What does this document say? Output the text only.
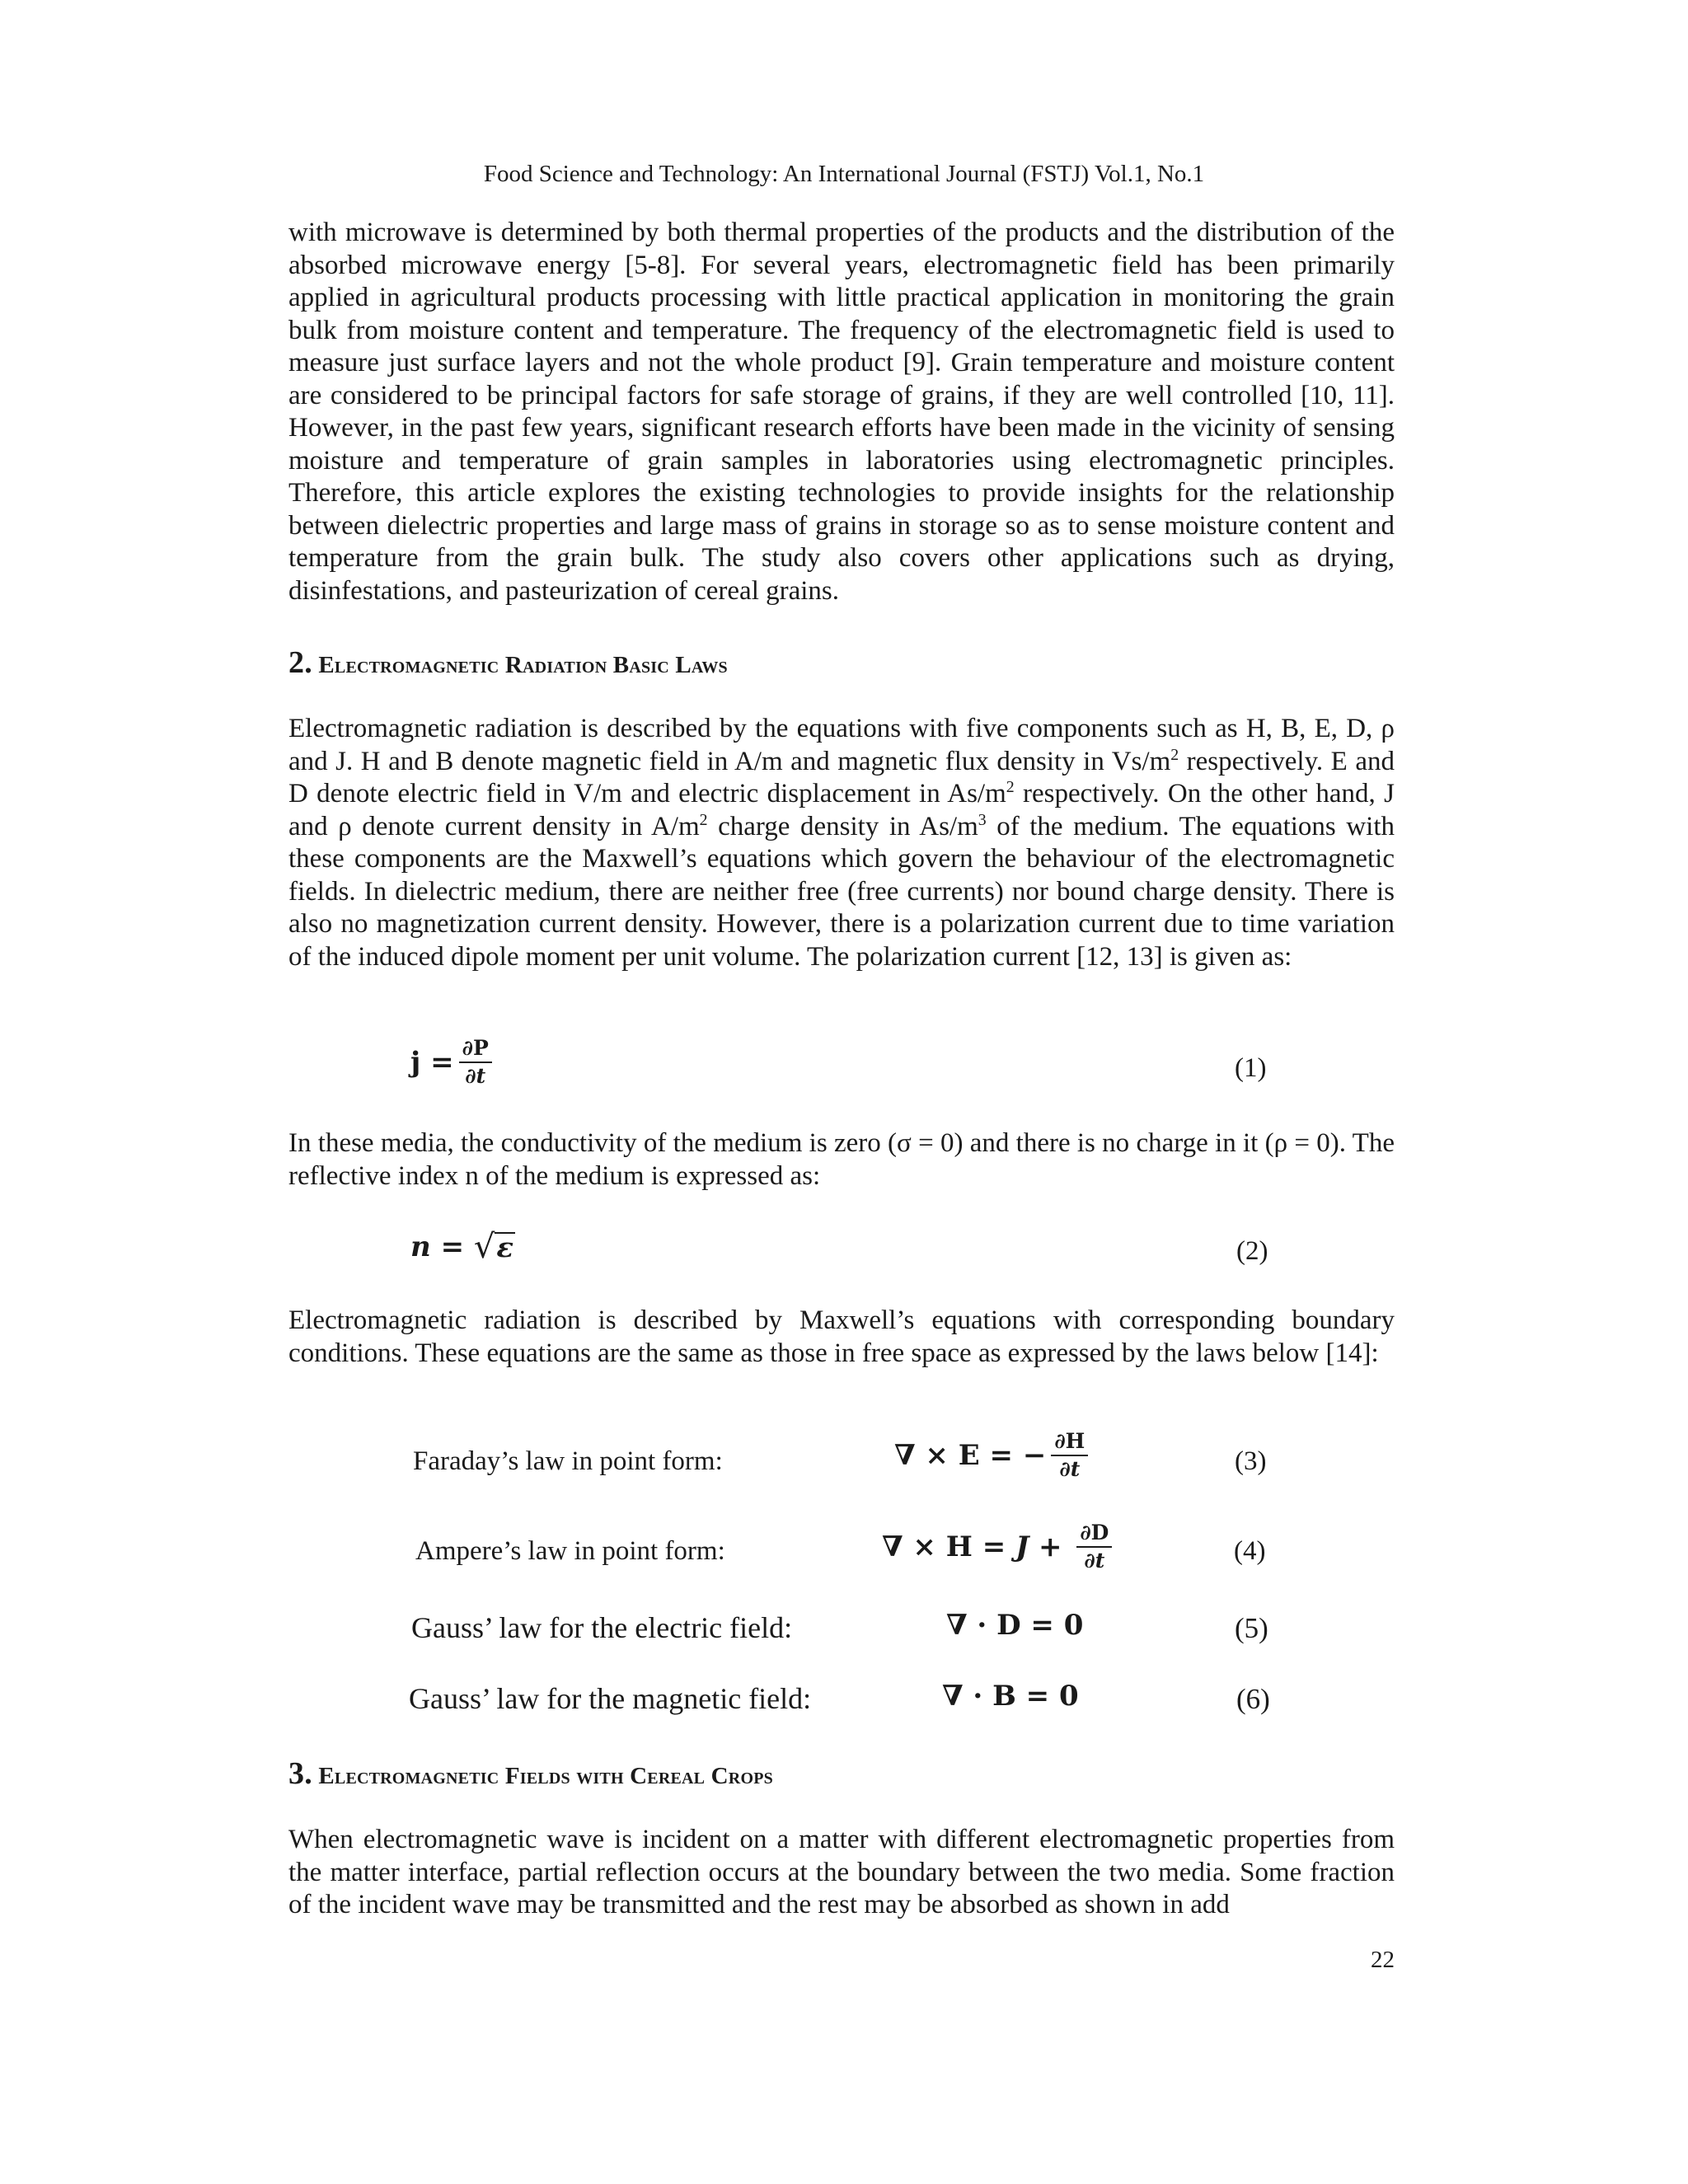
Food Science and Technology: An International Journal (FSTJ) Vol.1, No.1

with microwave is determined by both thermal properties of the products and the distribution of the absorbed microwave energy [5-8]. For several years, electromagnetic field has been primarily applied in agricultural products processing with little practical application in monitoring the grain bulk from moisture content and temperature. The frequency of the electromagnetic field is used to measure just surface layers and not the whole product [9]. Grain temperature and moisture content are considered to be principal factors for safe storage of grains, if they are well controlled [10, 11]. However, in the past few years, significant research efforts have been made in the vicinity of sensing moisture and temperature of grain samples in laboratories using electromagnetic principles. Therefore, this article explores the existing technologies to provide insights for the relationship between dielectric properties and large mass of grains in storage so as to sense moisture content and temperature from the grain bulk. The study also covers other applications such as drying, disinfestations, and pasteurization of cereal grains.

2. Electromagnetic Radiation Basic Laws

Electromagnetic radiation is described by the equations with five components such as H, B, E, D, ρ and J. H and B denote magnetic field in A/m and magnetic flux density in $Vs/m^2$ respectively. E and D denote electric field in V/m and electric displacement in $As/m^2$ respectively. On the other hand, J and ρ denote current density in $A/m^2$ charge density in $As/m^3$ of the medium. The equations with these components are the Maxwell’s equations which govern the behaviour of the electromagnetic fields. In dielectric medium, there are neither free (free currents) nor bound charge density. There is also no magnetization current density. However, there is a polarization current due to time variation of the induced dipole moment per unit volume. The polarization current [12, 13] is given as:

$j = \frac{\partial P}{\partial t}$	(1)

In these media, the conductivity of the medium is zero (σ = 0) and there is no charge in it (ρ = 0). The reflective index n of the medium is expressed as:

n = √ ε	(2)

Electromagnetic radiation is described by Maxwell’s equations with corresponding boundary conditions. These equations are the same as those in free space as expressed by the laws below [14]:

Faraday’s law in point form:	∇ × E = − $\frac{\partial H}{\partial t}$	(3)
Ampere’s law in point form:	∇ × $H = J + \frac{\partial D}{\partial t}$	(4)
Gauss’ law for the electric field:	∇ · D = 0	(5)
Gauss’ law for the magnetic field:	∇ · B = 0	(6)
3. Electromagnetic Fields with Cereal Crops

When electromagnetic wave is incident on a matter with different electromagnetic properties from the matter interface, partial reflection occurs at the boundary between the two media. Some fraction of the incident wave may be transmitted and the rest may be absorbed as shown in add

22
